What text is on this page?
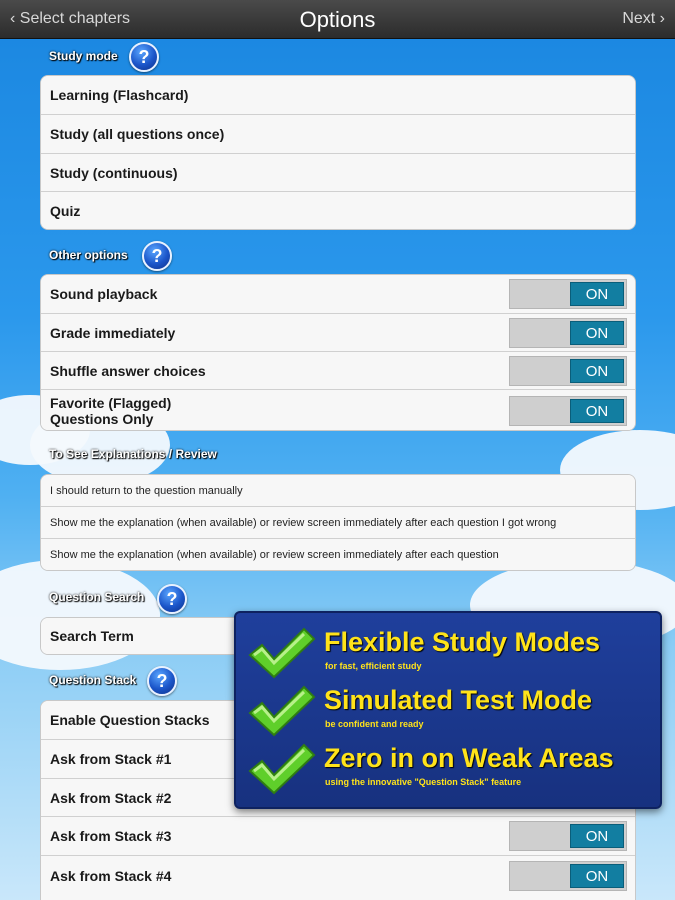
‹ Select chapters	Options	Next ›
Study mode	?
Learning (Flashcard)
Study (all questions once)
Study (continuous)
Quiz
Other options	?
Sound playback	ON
Grade immediately	ON
Shuffle answer choices	ON
Favorite (Flagged)
Questions Only	ON
To See Explanations / Review
I should return to the question manually
Show me the explanation (when available) or review screen immediately after each question I got wrong
Show me the explanation (when available) or review screen immediately after each question
Question Search	?
Search Term
Question Stack	?
Enable Question Stacks
Ask from Stack #1
Ask from Stack #2
Ask from Stack #3	ON
Ask from Stack #4	ON
Flexible Study Modes
for fast, efficient study
Simulated Test Mode
be confident and ready
Zero in on Weak Areas
using the innovative "Question Stack" feature
